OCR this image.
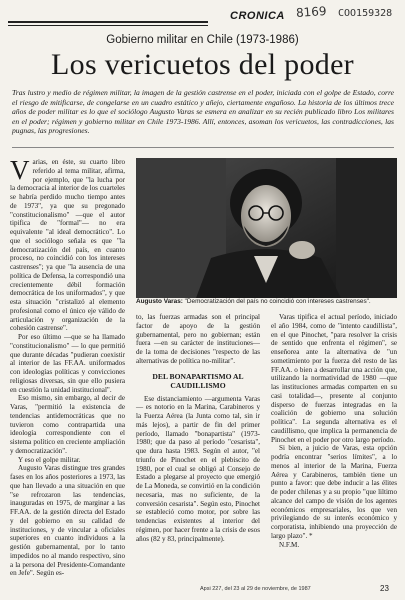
CRONICA 8169 COO159328
Gobierno militar en Chile (1973-1986)
Los vericuetos del poder
Tras lustro y medio de régimen militar, la imagen de la gestión castrense en el poder, iniciada con el golpe de Estado, corre el riesgo de mitificarse, de congelarse en un cuadro estático y añejo, ciertamente engañoso. La historia de los últimos trece años de poder militar es lo que el sociólogo Augusto Varas se esmera en analizar en su recién publicado libro Los militares en el poder; régimen y gobierno militar en Chile 1973-1986. Allí, entonces, asoman los vericuetos, las contradicciones, las pugnas, las progresiones.

Varias, en éste, su cuarto libro referido al tema militar, afirma, por ejemplo, que "la lucha por la democracia al interior de los cuarteles se habría perdido mucho tiempo antes de 1973", ya que su pregonado "constitucionalismo" —que el autor tipifica de "formal"— no era equivalente "al ideal democrático". Lo que el sociólogo señala es que "la democratización del país, en cuanto proceso, no coincidió con los intereses castrenses"; ya que "la ausencia de una política de Defensa, la correspondió una crecientemente débil formación democrática de los uniformados", y que esta situación "cristalizó al elemento profesional como el único eje válido de articulación y organización de la cohesión castrense".

Por eso último —que se ha llamado "constitucionalismo" — lo que permitió que durante décadas "pudieran coexistir al interior de las FF.AA. uniformados con ideologías políticas y convicciones religiosas diversas, sin que ello pusiera en cuestión la unidad institucional".

Eso mismo, sin embargo, al decir de Varas, "permitió la existencia de tendencias antidemocráticas que no tuvieron como contrapartida una ideología correspondiente con el sistema político en creciente ampliación y democratización".

Y eso el golpe militar.

Augusto Varas distingue tres grandes fases en los años posteriores a 1973, las que han llevado a una situación en que "se refrozaron las tendencias, inauguradas en 1975, de marginar a las FF.AA. de la gestión directa del Estado y del gobierno en su calidad de instituciones, y de vincular a oficiales superiores en cuanto individuos a la gestión gubernamental, por lo tanto impedidos no al mando respectivo, sino a la persona del Presidente-Comandante en Jefe". Según es-

Augusto Varas: "Democratización del país no coincidió con intereses castrenses".

to, las fuerzas armadas son el principal factor de apoyo de la gestión gubernamental, pero no gobiernan; están fuera —en su carácter de instituciones— de la toma de decisiones "respecto de las alternativas de política no-militar".

DEL BONAPARTISMO AL CAUDILLISMO

Ese distanciamiento —argumenta Varas— es notorio en la Marina, Carabineros y la Fuerza Aérea (la Junta como tal, sin ir más lejos), a partir de fin del primer período, llamado "bonapartista" (1973-1980; que da paso al período "cesarista", que dura hasta 1983. Según el autor, "el triunfo de Pinochet en el plebiscito de 1980, por el cual se obligó al Consejo de Estado a plegarse al proyecto que emergió de La Moneda, se convirtió en la condición necesaria, mas no suficiente, de la conversión cesarista". Según esto, Pinochet se estableció como motor, por sobre las tendencias existentes al interior del régimen, por hacer frente a la crisis de esos años (82 y 83, principalmente).

Varas tipifica el actual período, iniciado el año 1984, como de "intento caudillista", en el que Pinochet, "para resolver la crisis de sentido que enfrenta el régimen", se enseñorea ante la alternativa de "un sometimiento por la fuerza del resto de las FF.AA. o bien a desarrollar una acción que, utilizando la normatividad de 1980 —que las instituciones armadas comparten en su casi totalidad—, presente al conjunto disperso de fuerzas integradas en la coalición de gobierno una solución política". La segunda alternativa es el caudillismo, que implica la permanencia de Pinochet en el poder por otro largo período.

Si bien, a juicio de Varas, esta opción podría encontrar "serios límites", a lo menos al interior de la Marina, Fuerza Aérea y Carabineros, también tiene un punto a favor: que debe inducir a las élites de poder chilenas y a su propio "que liltimo alcance del campo de visión de los agentes económicos empresariales, los que ven privilegiando de su interés económico y corporatista, inhibiendo una proyección de largo plazo". *

N.F.M.

Apsi 227, del 23 al 29 de noviembre, de 1987	23
